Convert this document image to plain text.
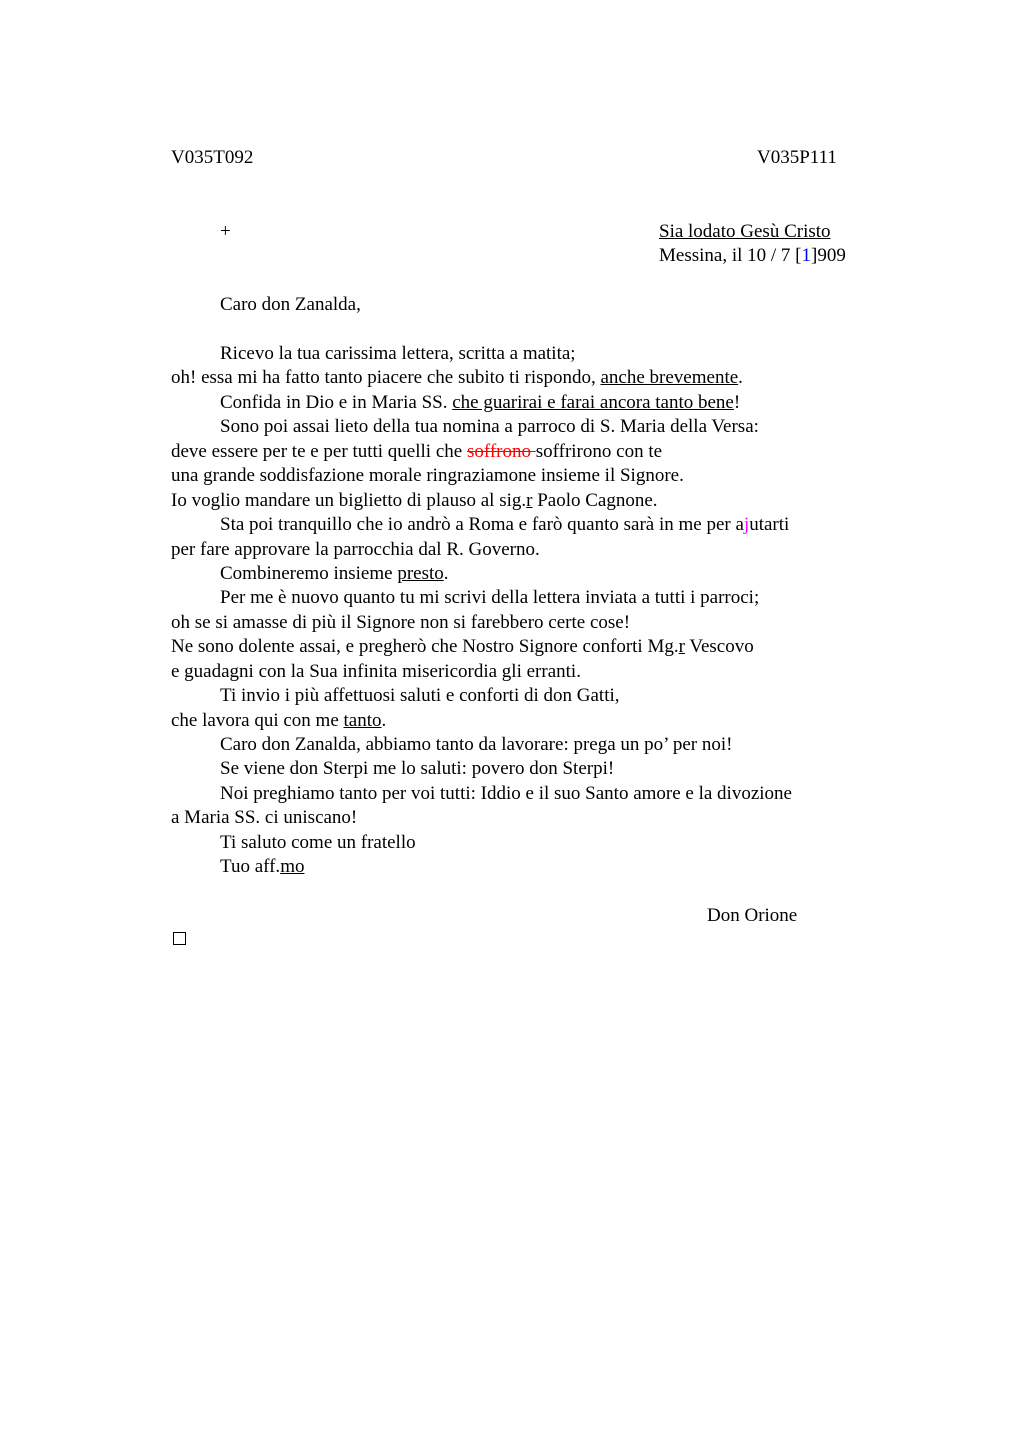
V035T092	V035P111
+	Sia lodato Gesù Cristo
Messina, il 10 / 7 [1]909
Caro don Zanalda,
Ricevo la tua carissima lettera, scritta a matita;
oh! essa mi ha fatto tanto piacere che subito ti rispondo, anche brevemente.
Confida in Dio e in Maria SS. che guarirai e farai ancora tanto bene!
Sono poi assai lieto della tua nomina a parroco di S. Maria della Versa:
deve essere per te e per tutti quelli che soffrono soffrirono con te
una grande soddisfazione morale ringraziamone insieme il Signore.
Io voglio mandare un biglietto di plauso al sig.r Paolo Cagnone.
Sta poi tranquillo che io andrò a Roma e farò quanto sarà in me per ajutarti
per fare approvare la parrocchia dal R. Governo.
Combineremo insieme presto.
Per me è nuovo quanto tu mi scrivi della lettera inviata a tutti i parroci;
oh se si amasse di più il Signore non si farebbero certe cose!
Ne sono dolente assai, e pregherò che Nostro Signore conforti Mg.r Vescovo
e guadagni con la Sua infinita misericordia gli erranti.
Ti invio i più affettuosi saluti e conforti di don Gatti,
che lavora qui con me tanto.
Caro don Zanalda, abbiamo tanto da lavorare: prega un po’ per noi!
Se viene don Sterpi me lo saluti: povero don Sterpi!
Noi preghiamo tanto per voi tutti: Iddio e il suo Santo amore e la divozione
a Maria SS. ci uniscano!
Ti saluto come un fratello
Tuo aff.mo
Don Orione
